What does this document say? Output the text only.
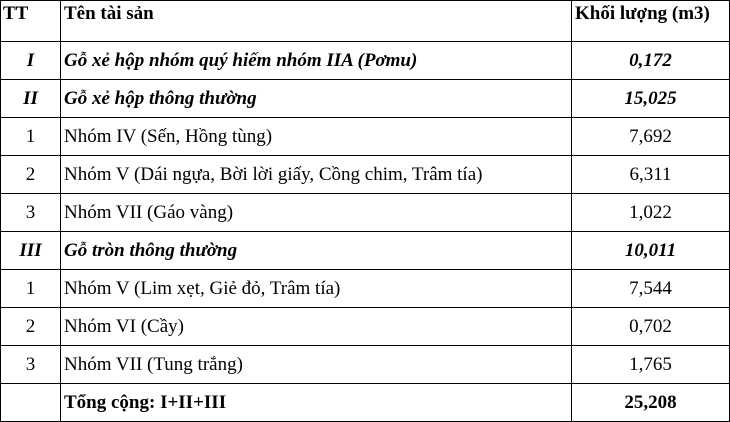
TT	Tên tài sản	Khối lượng (m3)
I	Gỗ xẻ hộp nhóm quý hiếm nhóm IIA (Pơmu)	0,172
II	Gỗ xẻ hộp thông thường	15,025
1	Nhóm IV (Sến, Hồng tùng)	7,692
2	Nhóm V (Dái ngựa, Bời lời giấy, Cồng chim, Trâm tía)	6,311
3	Nhóm VII (Gáo vàng)	1,022
III	Gỗ tròn thông thường	10,011
1	Nhóm V (Lim xẹt, Giẻ đỏ, Trâm tía)	7,544
2	Nhóm VI (Cầy)	0,702
3	Nhóm VII (Tung trắng)	1,765
	Tổng cộng: I+II+III	25,208
